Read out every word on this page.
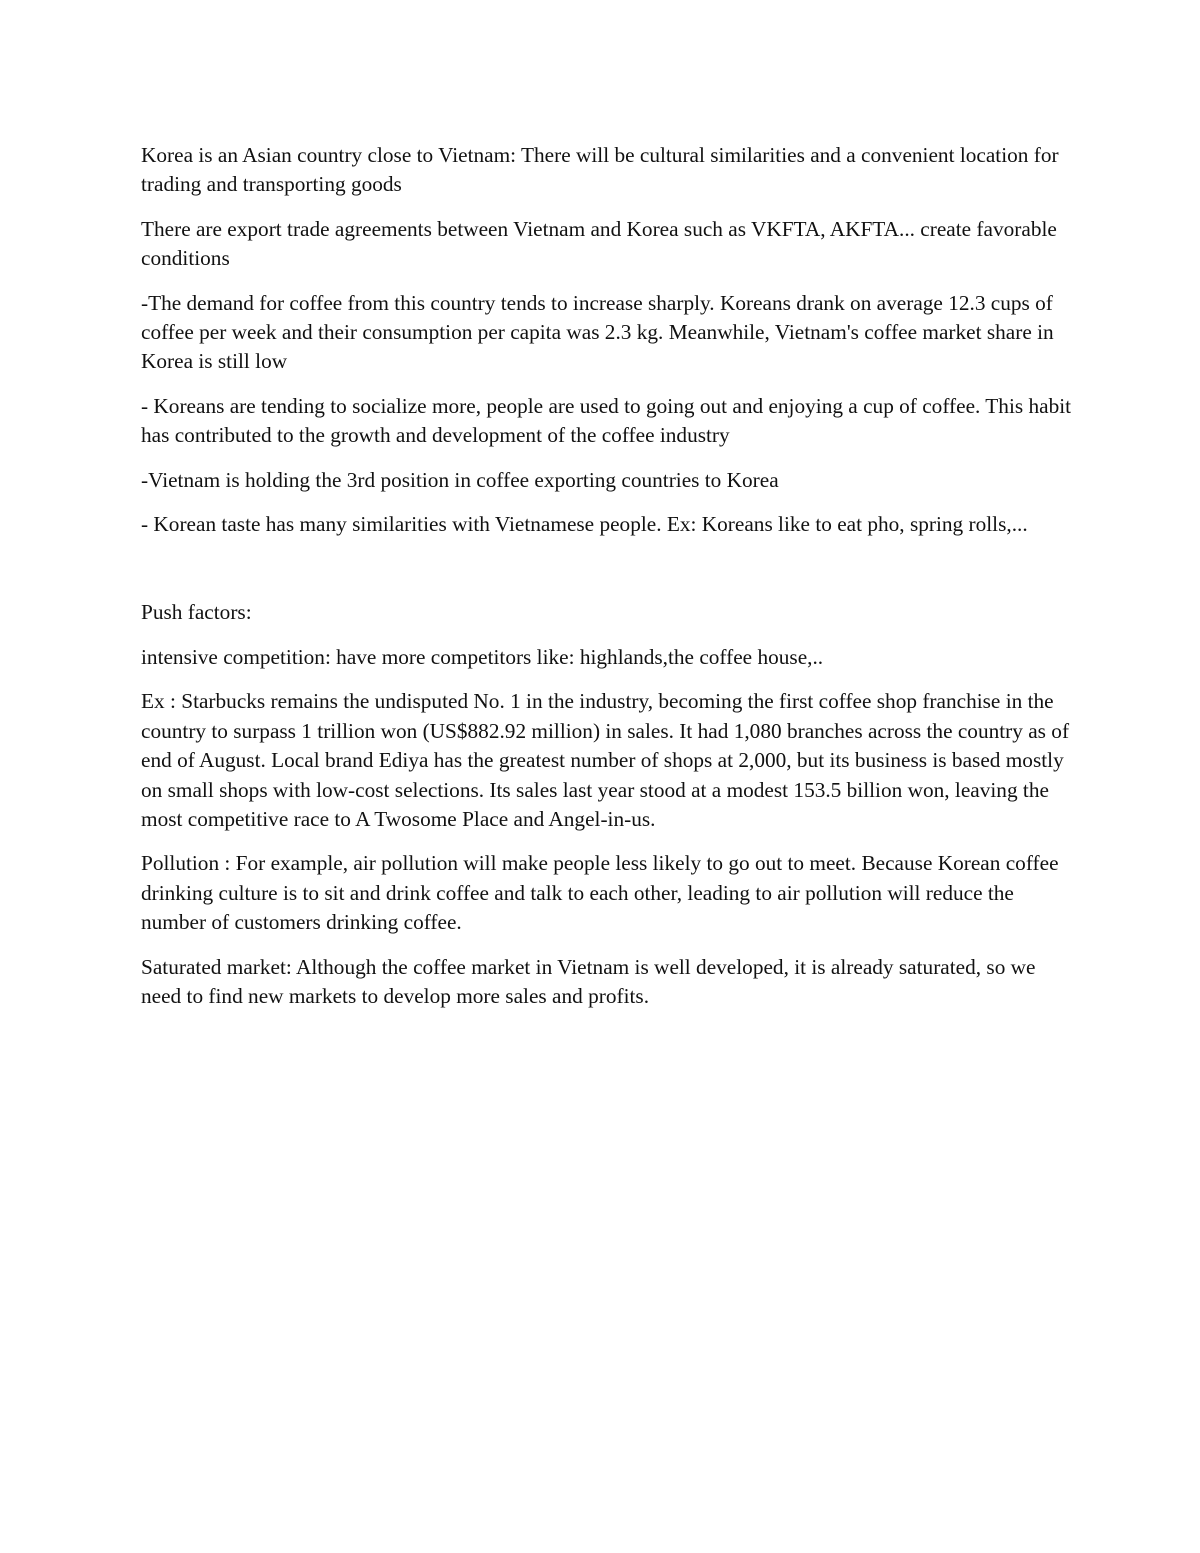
Korea is an Asian country close to Vietnam: There will be cultural similarities and a convenient location for trading and transporting goods

There are export trade agreements between Vietnam and Korea such as VKFTA, AKFTA... create favorable conditions

-The demand for coffee from this country tends to increase sharply. Koreans drank on average 12.3 cups of coffee per week and their consumption per capita was 2.3 kg. Meanwhile, Vietnam's coffee market share in Korea is still low

- Koreans are tending to socialize more, people are used to going out and enjoying a cup of coffee. This habit has contributed to the growth and development of the coffee industry

-Vietnam is holding the 3rd position in coffee exporting countries to Korea

- Korean taste has many similarities with Vietnamese people. Ex: Koreans like to eat pho, spring rolls,...

Push factors:

intensive competition: have more competitors like: highlands,the coffee house,..

Ex : Starbucks remains the undisputed No. 1 in the industry, becoming the first coffee shop franchise in the country to surpass 1 trillion won (US$882.92 million) in sales. It had 1,080 branches across the country as of end of August. Local brand Ediya has the greatest number of shops at 2,000, but its business is based mostly on small shops with low-cost selections. Its sales last year stood at a modest 153.5 billion won, leaving the most competitive race to A Twosome Place and Angel-in-us.

Pollution : For example, air pollution will make people less likely to go out to meet. Because Korean coffee drinking culture is to sit and drink coffee and talk to each other, leading to air pollution will reduce the number of customers drinking coffee.

Saturated market: Although the coffee market in Vietnam is well developed, it is already saturated, so we need to find new markets to develop more sales and profits.
